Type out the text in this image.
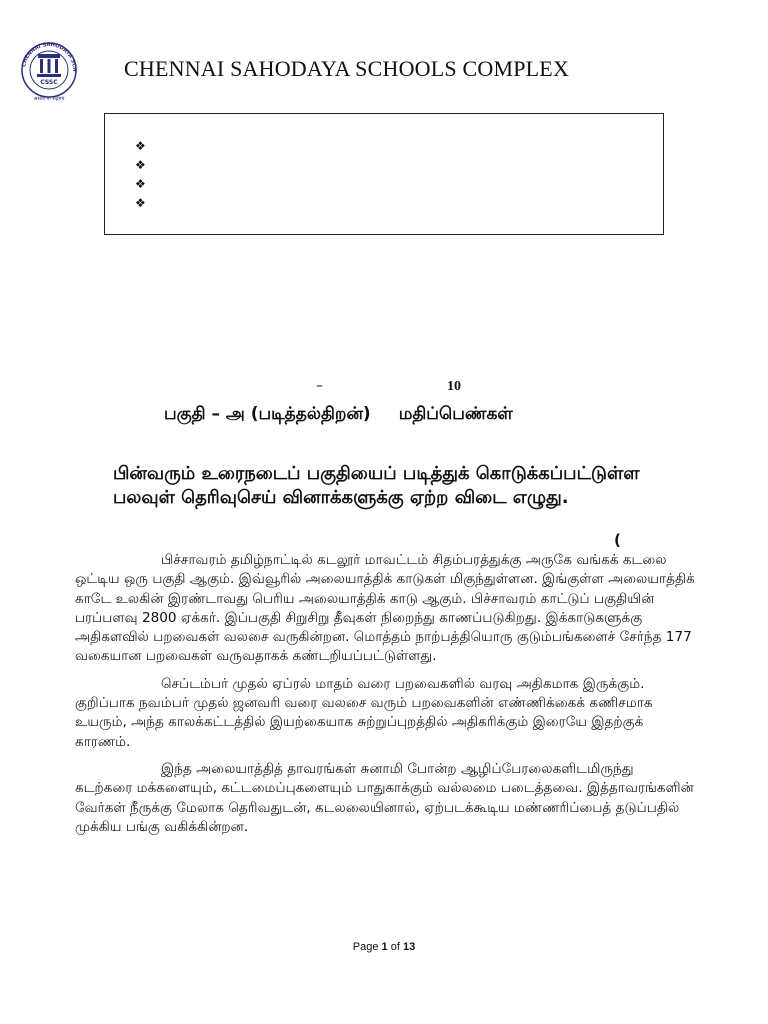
CHENNAI SAHODAYA SCH
CSSC
असतो मा सद्गमय
CHENNAI SAHODAYA SCHOOLS COMPLEX
❖
❖
❖
❖
–	10
பகுதி – அ (படித்தல்திறன்) மதிப்பெண்கள்
பின்வரும் உரைநடைப் பகுதியைப் படித்துக் கொடுக்கப்பட்டுள்ள பலவுள் தெரிவுசெய் வினாக்களுக்கு ஏற்ற விடை எழுது.
(

பிச்சாவரம் தமிழ்நாட்டில் கடலூர் மாவட்டம் சிதம்பரத்துக்கு அருகே வங்கக் கடலை ஒட்டிய ஒரு பகுதி ஆகும். இவ்வூரில் அலையாத்திக் காடுகள் மிகுந்துள்ளன. இங்குள்ள அலையாத்திக் காடே உலகின் இரண்டாவது பெரிய அலையாத்திக் காடு ஆகும். பிச்சாவரம் காட்டுப் பகுதியின் பரப்பளவு 2800 ஏக்கர். இப்பகுதி சிறுசிறு தீவுகள் நிறைந்து காணப்படுகிறது. இக்காடுகளுக்கு அதிகளவில் பறவைகள் வலசை வருகின்றன. மொத்தம் நாற்பத்தியொரு குடும்பங்களைச் சேர்ந்த 177 வகையான பறவைகள் வருவதாகக் கண்டறியப்பட்டுள்ளது.

செப்டம்பர் முதல் ஏப்ரல் மாதம் வரை பறவைகளில் வரவு அதிகமாக இருக்கும். குறிப்பாக நவம்பர் முதல் ஜனவரி வரை வலசை வரும் பறவைகளின் எண்ணிக்கைக் கணிசமாக உயரும், அந்த காலக்கட்டத்தில் இயற்கையாக சுற்றுப்புறத்தில் அதிகரிக்கும் இரையே இதற்குக் காரணம்.

இந்த அலையாத்தித் தாவரங்கள் சுனாமி போன்ற ஆழிப்பேரலைகளிடமிருந்து கடற்கரை மக்களையும், கட்டமைப்புகளையும் பாதுகாக்கும் வல்லமை படைத்தவை. இத்தாவரங்களின் வேர்கள் நீருக்கு மேலாக தெரிவதுடன், கடலலையினால், ஏற்படக்கூடிய மண்ணரிப்பைத் தடுப்பதில் முக்கிய பங்கு வகிக்கின்றன.

Page 1 of 13
